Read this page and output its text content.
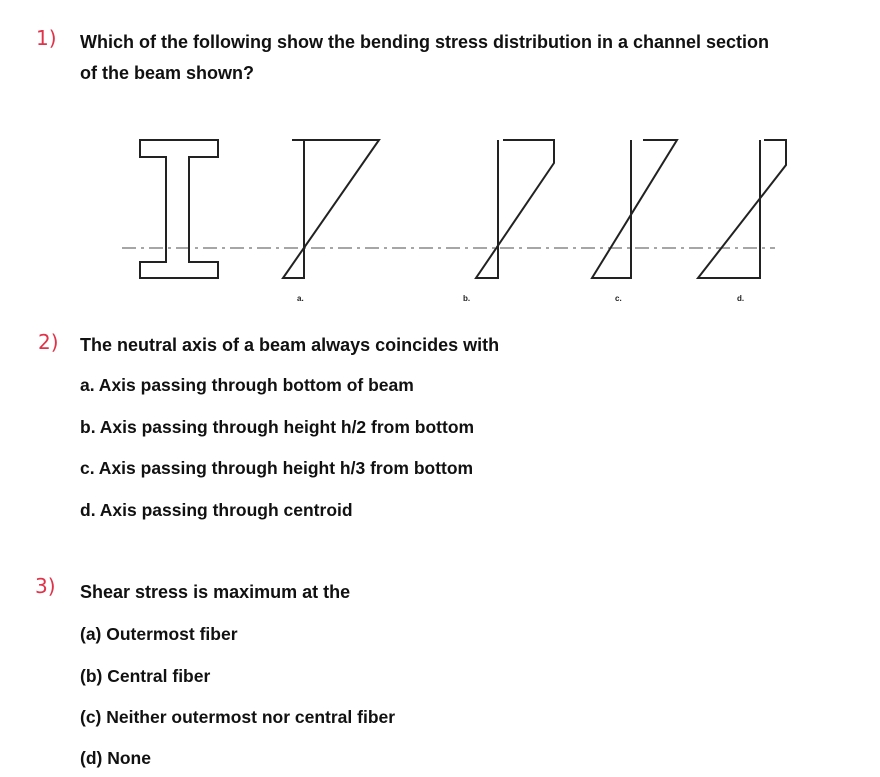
1) Which of the following show the bending stress distribution in a channel section
of the beam shown?
a.	b.	c.	d.
2) The neutral axis of a beam always coincides with
a. Axis passing through bottom of beam
b. Axis passing through height h/2 from bottom
c. Axis passing through height h/3 from bottom
d. Axis passing through centroid
3) Shear stress is maximum at the
(a) Outermost fiber
(b) Central fiber
(c) Neither outermost nor central fiber
(d) None
